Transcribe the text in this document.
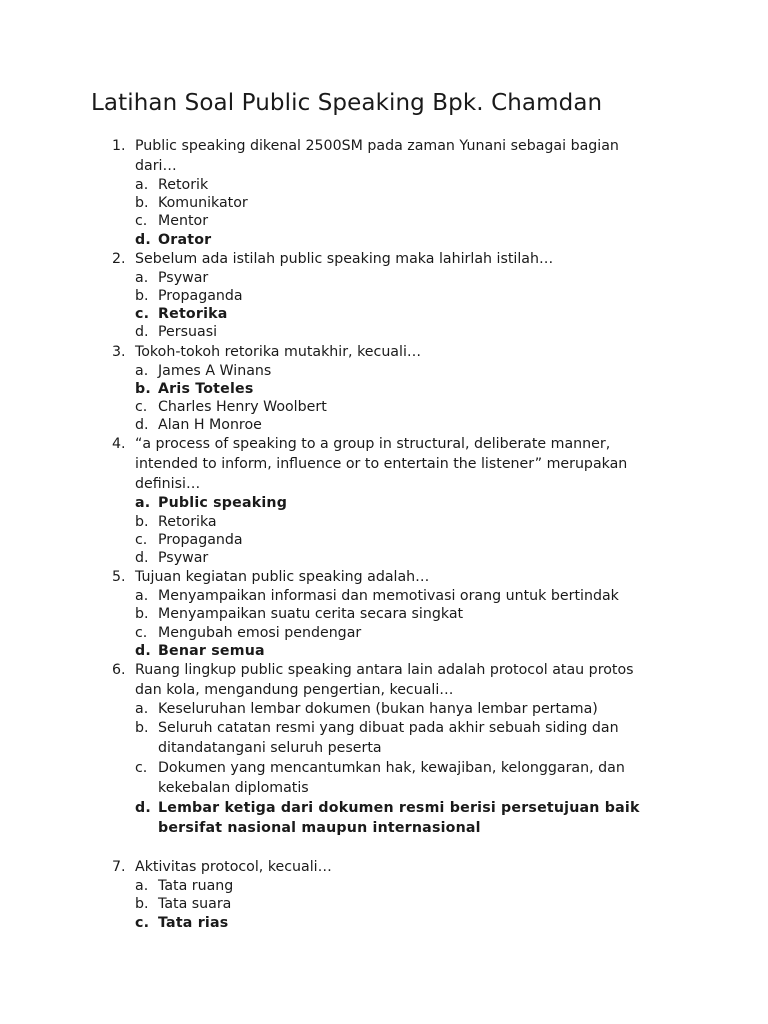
Latihan Soal Public Speaking Bpk. Chamdan
1. Public speaking dikenal 2500SM pada zaman Yunani sebagai bagian dari…
a. Retorik
b. Komunikator
c. Mentor
d. Orator
2. Sebelum ada istilah public speaking maka lahirlah istilah…
a. Psywar
b. Propaganda
c. Retorika
d. Persuasi
3. Tokoh-tokoh retorika mutakhir, kecuali…
a. James A Winans
b. Aris Toteles
c. Charles Henry Woolbert
d. Alan H Monroe
4. “a process of speaking to a group in structural, deliberate manner, intended to inform, influence or to entertain the listener” merupakan definisi…
a. Public speaking
b. Retorika
c. Propaganda
d. Psywar
5. Tujuan kegiatan public speaking adalah…
a. Menyampaikan informasi dan memotivasi orang untuk bertindak
b. Menyampaikan suatu cerita secara singkat
c. Mengubah emosi pendengar
d. Benar semua
6. Ruang lingkup public speaking antara lain adalah protocol atau protos dan kola, mengandung pengertian, kecuali…
a. Keseluruhan lembar dokumen (bukan hanya lembar pertama)
b. Seluruh catatan resmi yang dibuat pada akhir sebuah siding dan ditandatangani seluruh peserta
c. Dokumen yang mencantumkan hak, kewajiban, kelonggaran, dan kekebalan diplomatis
d. Lembar ketiga dari dokumen resmi berisi persetujuan baik bersifat nasional maupun internasional
7. Aktivitas protocol, kecuali…
a. Tata ruang
b. Tata suara
c. Tata rias
